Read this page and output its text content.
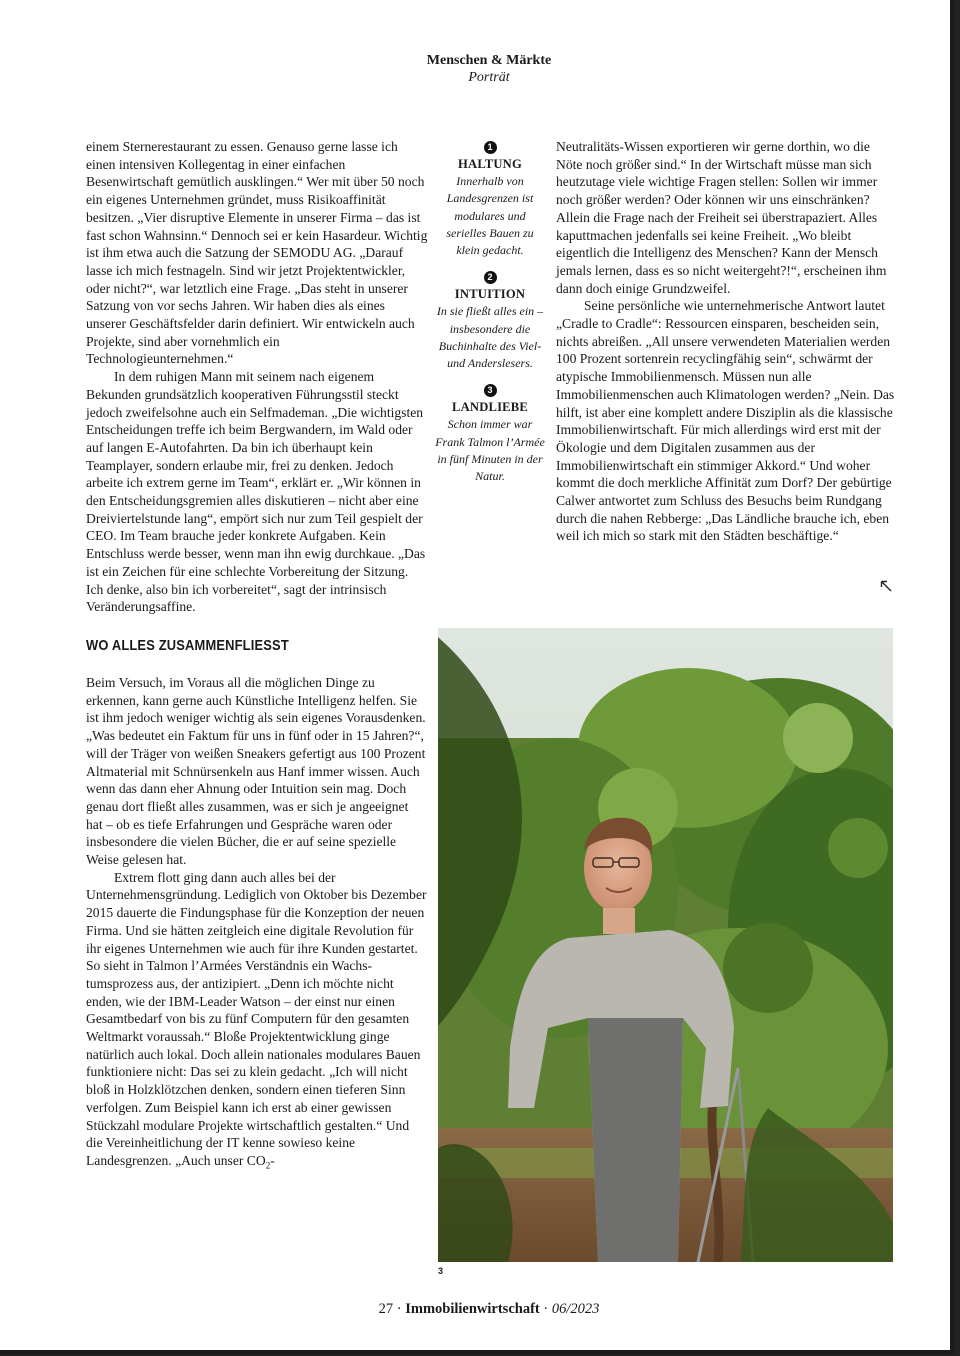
Menschen & Märkte
Porträt

einem Sternerestaurant zu essen. Genauso gerne lasse ich einen intensiven Kollegentag in einer einfachen Besenwirtschaft gemütlich ausklingen.“ Wer mit über 50 noch ein eigenes Unternehmen gründet, muss Risikoaffinität besitzen. „Vier disruptive Elemente in unserer Firma – das ist fast schon Wahnsinn.“ Dennoch sei er kein Hasardeur. Wichtig ist ihm etwa auch die Satzung der SEMODU AG. „Darauf lasse ich mich festnageln. Sind wir jetzt Projektentwickler, oder nicht?“, war letztlich eine Frage. „Das steht in unserer Satzung von vor sechs Jahren. Wir haben dies als eines unserer Geschäftsfelder darin definiert. Wir entwickeln auch Projekte, sind aber vornehmlich ein Technologieunternehmen.“

In dem ruhigen Mann mit seinem nach eigenem Bekunden grundsätzlich kooperativen Führungsstil steckt jedoch zweifelsohne auch ein Selfmademan. „Die wichtigsten Entscheidungen treffe ich beim Bergwandern, im Wald oder auf langen E-Autofahrten. Da bin ich überhaupt kein Teamplayer, sondern erlaube mir, frei zu denken. Jedoch arbeite ich extrem gerne im Team“, erklärt er. „Wir können in den Entscheidungsgremien alles diskutieren – nicht aber eine Dreiviertelstunde lang“, empört sich nur zum Teil gespielt der CEO. Im Team brauche jeder konkrete Aufgaben. Kein Entschluss werde besser, wenn man ihn ewig durchkaue. „Das ist ein Zeichen für eine schlechte Vorbereitung der Sitzung. Ich denke, also bin ich vorbereitet“, sagt der intrinsisch Veränderungsaffine.

WO ALLES ZUSAMMENFLIESST

Beim Versuch, im Voraus all die möglichen Dinge zu erkennen, kann gerne auch Künstliche Intelligenz helfen. Sie ist ihm jedoch weniger wichtig als sein eigenes Vorausdenken. „Was bedeutet ein Faktum für uns in fünf oder in 15 Jahren?“, will der Träger von weißen Sneakers gefertigt aus 100 Prozent Altmaterial mit Schnürsenkeln aus Hanf immer wissen. Auch wenn das dann eher Ahnung oder Intuition sein mag. Doch genau dort fließt alles zusammen, was er sich je angeeignet hat – ob es tiefe Erfahrungen und Gespräche waren oder insbesondere die vielen Bücher, die er auf seine spezielle Weise gelesen hat.

Extrem flott ging dann auch alles bei der Unternehmensgründung. Lediglich von Oktober bis Dezember 2015 dauerte die Findungsphase für die Konzeption der neuen Firma. Und sie hätten zeitgleich eine digitale Revolution für ihr eigenes Unternehmen wie auch für ihre Kunden gestartet. So sieht in Talmon l’Armées Verständnis ein Wachstumsprozess aus, der antizipiert. „Denn ich möchte nicht enden, wie der IBM-Leader Watson – der einst nur einen Gesamtbedarf von bis zu fünf Computern für den gesamten Weltmarkt voraussah.“ Bloße Projektentwicklung ginge natürlich auch lokal. Doch allein nationales modulares Bauen funktioniere nicht: Das sei zu klein gedacht. „Ich will nicht bloß in Holzklötzchen denken, sondern einen tieferen Sinn verfolgen. Zum Beispiel kann ich erst ab einer gewissen Stückzahl modulare Projekte wirtschaftlich gestalten.“ Und die Vereinheitlichung der IT kenne sowieso keine Landesgrenzen. „Auch unser $CO_2-$

1
HALTUNG
Innerhalb von Landesgrenzen ist modulares und serielles Bauen zu klein gedacht.
2
INTUITION
In sie fließt alles ein – insbesondere die Buchinhalte des Viel- und Anderslesers.
3
LANDLIEBE
Schon immer war Frank Talmon l’Armée in fünf Minuten in der Natur.

Neutralitäts-Wissen exportieren wir gerne dorthin, wo die Nöte noch größer sind.“ In der Wirtschaft müsse man sich heutzutage viele wichtige Fragen stellen: Sollen wir immer noch größer werden? Oder können wir uns einschränken? Allein die Frage nach der Freiheit sei überstrapaziert. Alles kaputtmachen jedenfalls sei keine Freiheit. „Wo bleibt eigentlich die Intelligenz des Menschen? Kann der Mensch jemals lernen, dass es so nicht weitergeht?!“, erscheinen ihm dann doch einige Grundzweifel.

Seine persönliche wie unternehmerische Antwort lautet „Cradle to Cradle“: Ressourcen einsparen, bescheiden sein, nichts abreißen. „All unsere verwendeten Materialien werden 100 Prozent sortenrein recyclingfähig sein“, schwärmt der atypische Immobilienmensch. Müssen nun alle Immobilienmenschen auch Klimatologen werden? „Nein. Das hilft, ist aber eine komplett andere Disziplin als die klassische Immobilienwirtschaft. Für mich allerdings wird erst mit der Ökologie und dem Digitalen zusammen aus der Immobilienwirtschaft ein stimmiger Akkord.“ Und woher kommt die doch merkliche Affinität zum Dorf? Der gebürtige Calwer antwortet zum Schluss des Besuchs beim Rundgang durch die nahen Rebberge: „Das Ländliche brauche ich, eben weil ich mich so stark mit den Städten beschäftige.“

3
27 · Immobilienwirtschaft · 06/2023
